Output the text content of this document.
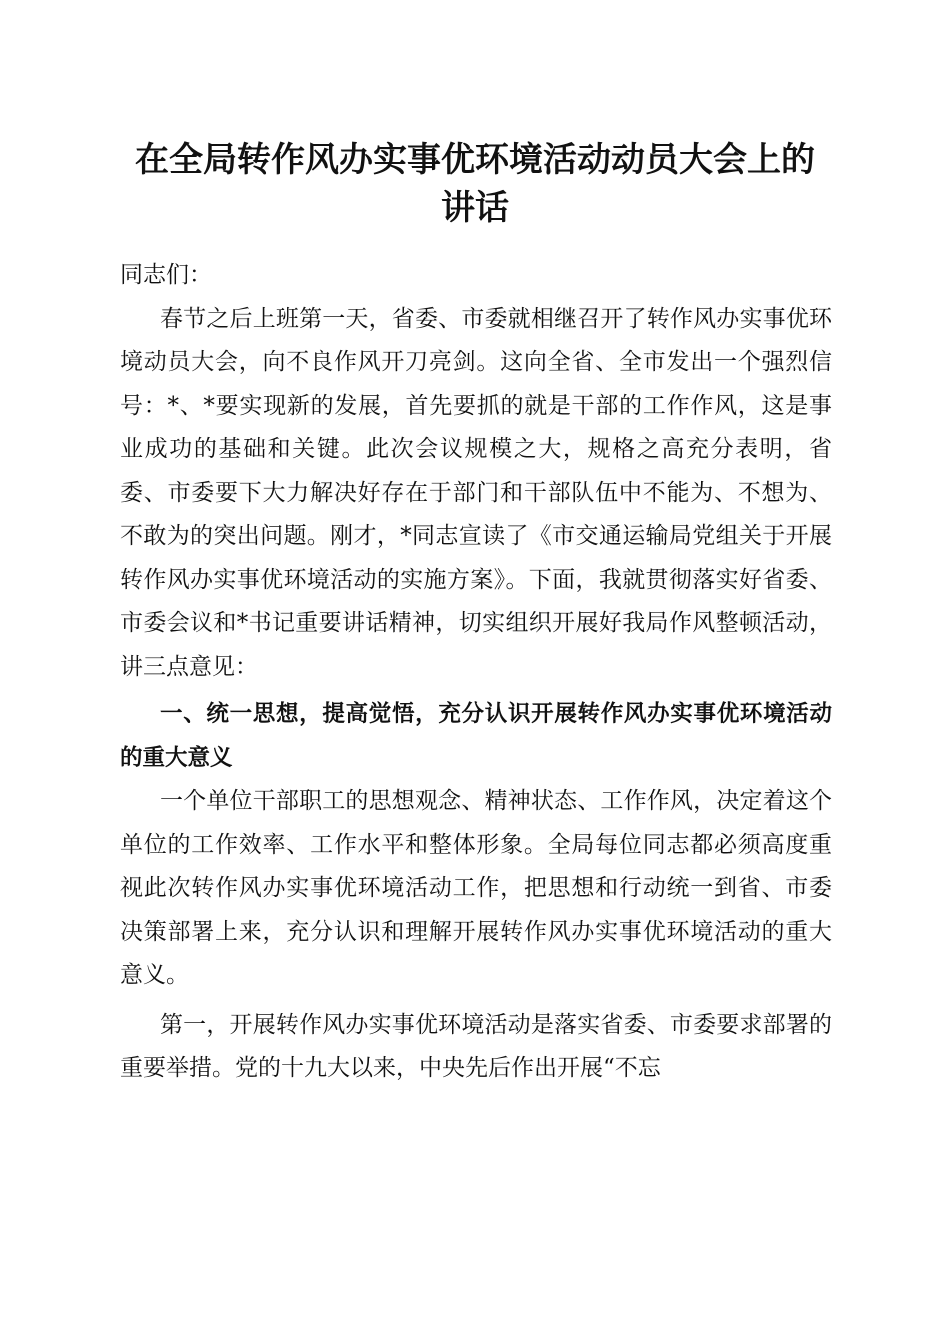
在全局转作风办实事优环境活动动员大会上的
讲话

同志们：

春节之后上班第一天，省委、市委就相继召开了转作风办实事优环境动员大会，向不良作风开刀亮剑。这向全省、全市发出一个强烈信号：*、*要实现新的发展，首先要抓的就是干部的工作作风，这是事业成功的基础和关键。此次会议规模之大，规格之高充分表明，省委、市委要下大力解决好存在于部门和干部队伍中不能为、不想为、不敢为的突出问题。刚才，*同志宣读了《市交通运输局党组关于开展转作风办实事优环境活动的实施方案》。下面，我就贯彻落实好省委、市委会议和*书记重要讲话精神，切实组织开展好我局作风整顿活动，讲三点意见：

一、统一思想，提高觉悟，充分认识开展转作风办实事优环境活动的重大意义

一个单位干部职工的思想观念、精神状态、工作作风，决定着这个单位的工作效率、工作水平和整体形象。全局每位同志都必须高度重视此次转作风办实事优环境活动工作，把思想和行动统一到省、市委决策部署上来，充分认识和理解开展转作风办实事优环境活动的重大意义。

第一，开展转作风办实事优环境活动是落实省委、市委要求部署的重要举措。党的十九大以来，中央先后作出开展“不忘
